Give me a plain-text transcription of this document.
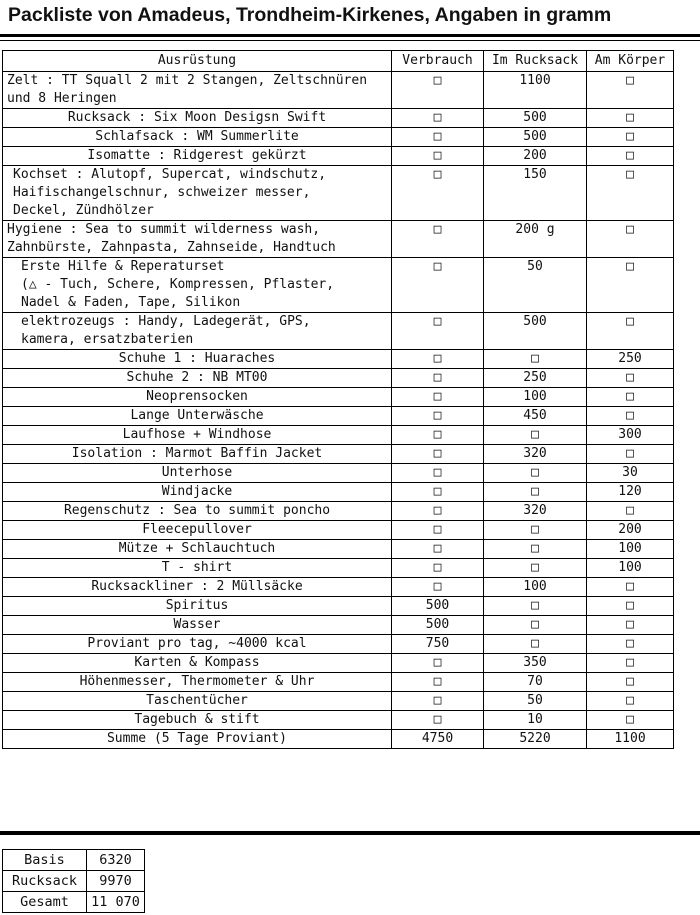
Packliste von Amadeus, Trondheim-Kirkenes, Angaben in gramm
Ausrüstung	Verbrauch	Im Rucksack	Am Körper

Zelt : TT Squall 2 mit 2 Stangen, Zeltschnüren
und 8 Heringen	□	1100	□

Rucksack : Six Moon Desigsn Swift	□	500	□

Schlafsack : WM Summerlite	□	500	□

Isomatte : Ridgerest gekürzt	□	200	□

Kochset : Alutopf, Supercat, windschutz,
Haifischangelschnur, schweizer messer,
Deckel, Zündhölzer	□	150	□

Hygiene : Sea to summit wilderness wash,
Zahnbürste, Zahnpasta, Zahnseide, Handtuch	□	200 g	□

Erste Hilfe & Reperaturset
(△ - Tuch, Schere, Kompressen, Pflaster,
Nadel & Faden, Tape, Silikon	□	50	□

elektrozeugs : Handy, Ladegerät, GPS,
kamera, ersatzbaterien	□	500	□

Schuhe 1 : Huaraches	□	□	250

Schuhe 2 : NB MT00	□	250	□

Neoprensocken	□	100	□

Lange Unterwäsche	□	450	□

Laufhose + Windhose	□	□	300

Isolation : Marmot Baffin Jacket	□	320	□

Unterhose	□	□	30

Windjacke	□	□	120

Regenschutz : Sea to summit poncho	□	320	□

Fleecepullover	□	□	200

Mütze + Schlauchtuch	□	□	100

T - shirt	□	□	100

Rucksackliner : 2 Müllsäcke	□	100	□

Spiritus	500	□	□

Wasser	500	□	□

Proviant pro tag, ~4000 kcal	750	□	□

Karten & Kompass	□	350	□

Höhenmesser, Thermometer & Uhr	□	70	□

Taschentücher	□	50	□

Tagebuch & stift	□	10	□

Summe (5 Tage Proviant)	4750	5220	1100
Basis	6320
Rucksack	9970
Gesamt	11 070
